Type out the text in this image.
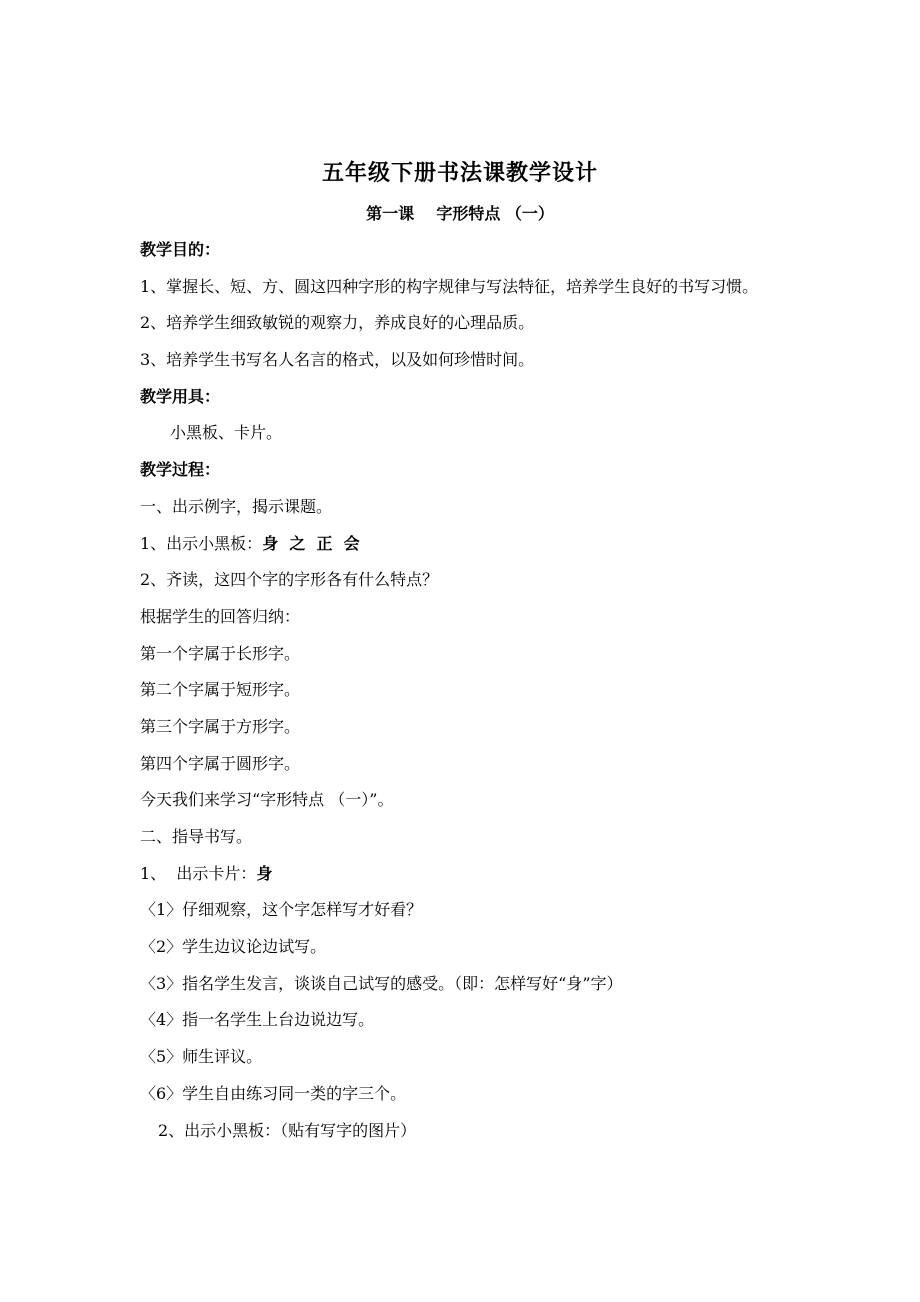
五年级下册书法课教学设计
第一课    字形特点 （一）
教学目的：
1、掌握长、短、方、圆这四种字形的构字规律与写法特征，培养学生良好的书写习惯。
2、培养学生细致敏锐的观察力，养成良好的心理品质。
3、培养学生书写名人名言的格式，以及如何珍惜时间。
教学用具：
小黑板、卡片。
教学过程：
一、出示例字，揭示课题。
1、出示小黑板：身  之  正  会
2、齐读，这四个字的字形各有什么特点？
根据学生的回答归纳：
第一个字属于长形字。
第二个字属于短形字。
第三个字属于方形字。
第四个字属于圆形字。
今天我们来学习“字形特点 （一）”。
二、指导书写。
1、  出示卡片：身
〈1〉仔细观察，这个字怎样写才好看？
〈2〉学生边议论边试写。
〈3〉指名学生发言，谈谈自己试写的感受。（即：怎样写好“身”字）
〈4〉指一名学生上台边说边写。
〈5〉师生评议。
〈6〉学生自由练习同一类的字三个。
2、出示小黑板：（贴有写字的图片）
